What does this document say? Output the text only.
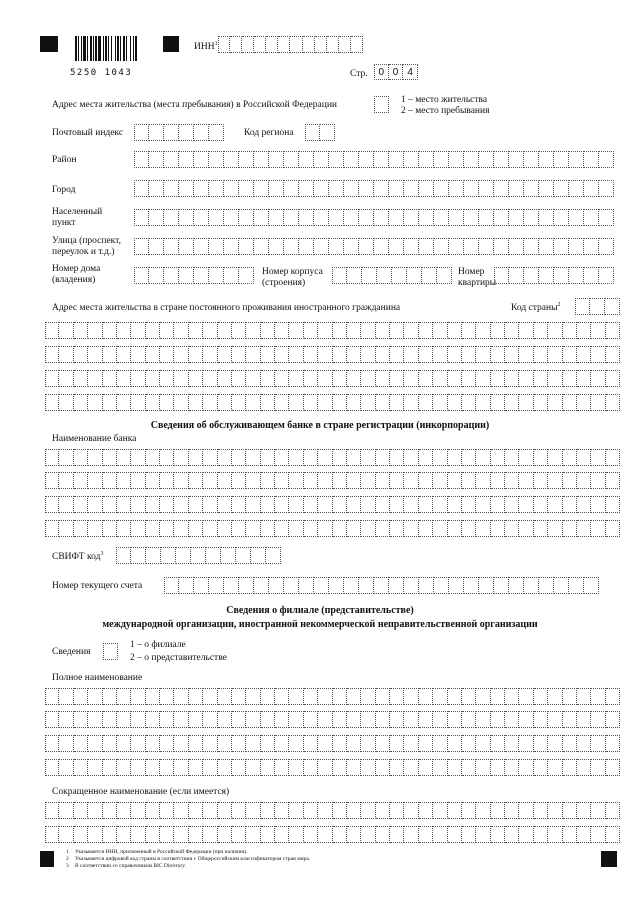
5250 1043
ИНН$^1$
Стр.	0 0 4
Адрес места жительства (места пребывания) в Российской Федерации	1 – место жительства
2 – место пребывания
Почтовый индекс	Код региона
Район
Город
Населенный
пункт
Улица (проспект,
переулок и т.д.)
Номер дома
(владения)
Номер корпуса
(строения)
Номер
квартиры
Адрес места жительства в стране постоянного проживания иностранного гражданина	Код страны$^2$
Сведения об обслуживающем банке в стране регистрации (инкорпорации)
Наименование банка
СВИФТ код$^3$
Номер текущего счета
Сведения о филиале (представительстве)
международной организации, иностранной некоммерческой неправительственной организации
Сведения
1 – о филиале
2 – о представительстве
Полное наименование
Сокращенное наименование (если имеется)
1 Указывается ИНН, присвоенный в Российской Федерации (при наличии).
2 Указывается цифровой код страны в соответствии с Общероссийским классификатором стран мира.
3 В соответствии со справочником BIC Directory.
